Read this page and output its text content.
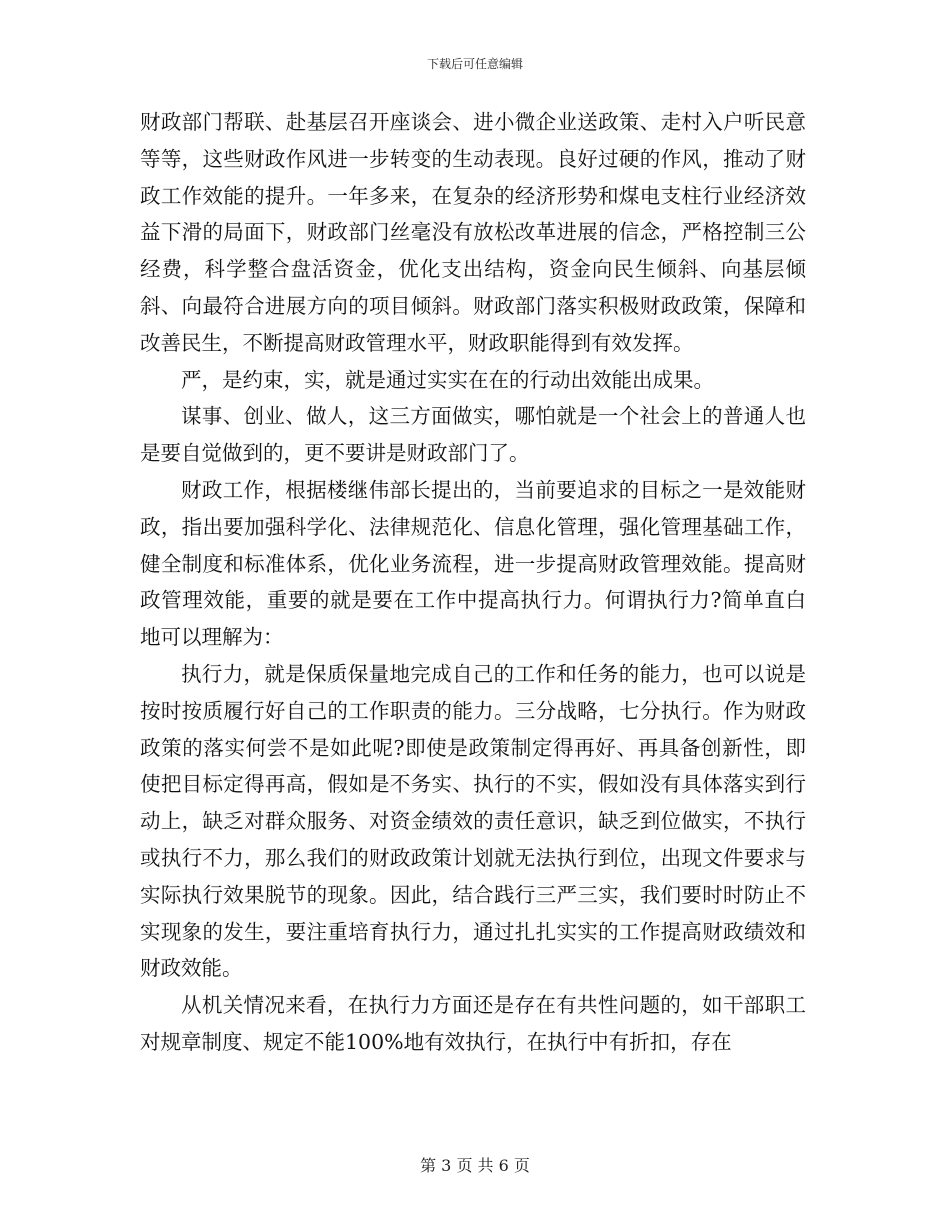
下载后可任意编辑

财政部门帮联、赴基层召开座谈会、进小微企业送政策、走村入户听民意等等，这些财政作风进一步转变的生动表现。良好过硬的作风，推动了财政工作效能的提升。一年多来，在复杂的经济形势和煤电支柱行业经济效益下滑的局面下，财政部门丝毫没有放松改革进展的信念，严格控制三公经费，科学整合盘活资金，优化支出结构，资金向民生倾斜、向基层倾斜、向最符合进展方向的项目倾斜。财政部门落实积极财政政策，保障和改善民生，不断提高财政管理水平，财政职能得到有效发挥。

严，是约束，实，就是通过实实在在的行动出效能出成果。

谋事、创业、做人，这三方面做实，哪怕就是一个社会上的普通人也是要自觉做到的，更不要讲是财政部门了。

财政工作，根据楼继伟部长提出的，当前要追求的目标之一是效能财政，指出要加强科学化、法律规范化、信息化管理，强化管理基础工作，健全制度和标准体系，优化业务流程，进一步提高财政管理效能。提高财政管理效能，重要的就是要在工作中提高执行力。何谓执行力?简单直白地可以理解为：

执行力，就是保质保量地完成自己的工作和任务的能力，也可以说是按时按质履行好自己的工作职责的能力。三分战略，七分执行。作为财政政策的落实何尝不是如此呢?即使是政策制定得再好、再具备创新性，即使把目标定得再高，假如是不务实、执行的不实，假如没有具体落实到行动上，缺乏对群众服务、对资金绩效的责任意识，缺乏到位做实，不执行或执行不力，那么我们的财政政策计划就无法执行到位，出现文件要求与实际执行效果脱节的现象。因此，结合践行三严三实，我们要时时防止不实现象的发生，要注重培育执行力，通过扎扎实实的工作提高财政绩效和财政效能。

从机关情况来看，在执行力方面还是存在有共性问题的，如干部职工对规章制度、规定不能100%地有效执行，在执行中有折扣，存在

第 3 页 共 6 页
